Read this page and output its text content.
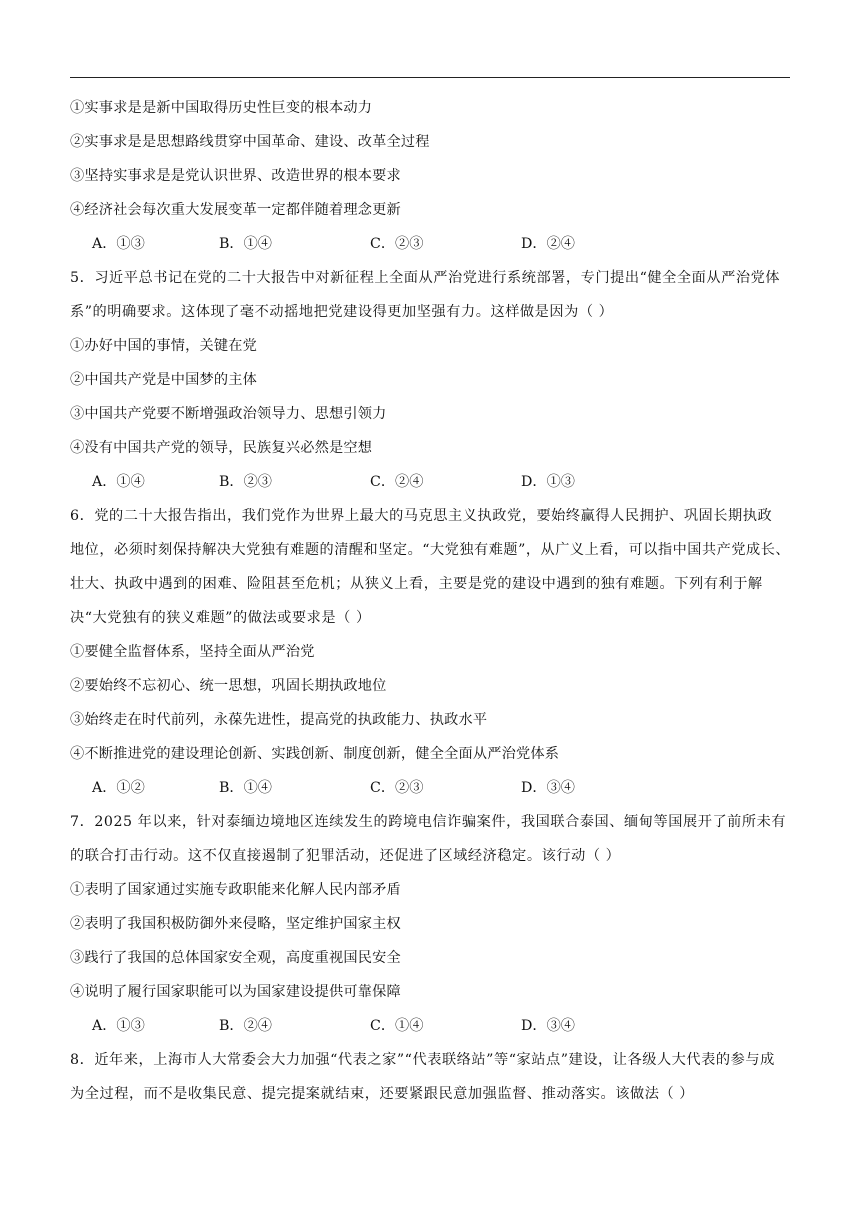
①实事求是是新中国取得历史性巨变的根本动力
②实事求是是思想路线贯穿中国革命、建设、改革全过程
③坚持实事求是是党认识世界、改造世界的根本要求
④经济社会每次重大发展变革一定都伴随着理念更新
A．①③	B．①④	C．②③	D．②④
5．习近平总书记在党的二十大报告中对新征程上全面从严治党进行系统部署，专门提出“健全全面从严治党体
系”的明确要求。这体现了毫不动摇地把党建设得更加坚强有力。这样做是因为（ ）
①办好中国的事情，关键在党
②中国共产党是中国梦的主体
③中国共产党要不断增强政治领导力、思想引领力
④没有中国共产党的领导，民族复兴必然是空想
A．①④	B．②③	C．②④	D．①③
6．党的二十大报告指出，我们党作为世界上最大的马克思主义执政党，要始终赢得人民拥护、巩固长期执政
地位，必须时刻保持解决大党独有难题的清醒和坚定。“大党独有难题”，从广义上看，可以指中国共产党成长、
壮大、执政中遇到的困难、险阻甚至危机；从狭义上看，主要是党的建设中遇到的独有难题。下列有利于解
决“大党独有的狭义难题”的做法或要求是（ ）
①要健全监督体系，坚持全面从严治党
②要始终不忘初心、统一思想，巩固长期执政地位
③始终走在时代前列，永葆先进性，提高党的执政能力、执政水平
④不断推进党的建设理论创新、实践创新、制度创新，健全全面从严治党体系
A．①②	B．①④	C．②③	D．③④
7．2025 年以来，针对泰缅边境地区连续发生的跨境电信诈骗案件，我国联合泰国、缅甸等国展开了前所未有
的联合打击行动。这不仅直接遏制了犯罪活动，还促进了区域经济稳定。该行动（ ）
①表明了国家通过实施专政职能来化解人民内部矛盾
②表明了我国积极防御外来侵略，坚定维护国家主权
③践行了我国的总体国家安全观，高度重视国民安全
④说明了履行国家职能可以为国家建设提供可靠保障
A．①③	B．②④	C．①④	D．③④
8．近年来，上海市人大常委会大力加强“代表之家”“代表联络站”等“家站点”建设，让各级人大代表的参与成
为全过程，而不是收集民意、提完提案就结束，还要紧跟民意加强监督、推动落实。该做法（ ）
